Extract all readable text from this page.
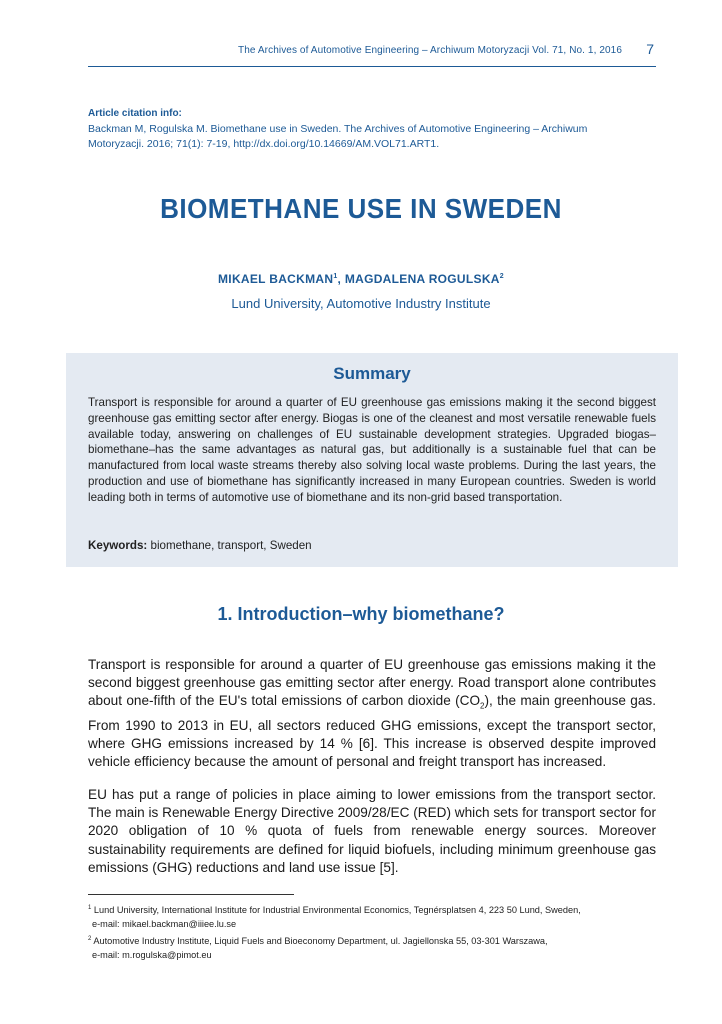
The Archives of Automotive Engineering – Archiwum Motoryzacji Vol. 71, No. 1, 2016 7
Article citation info:
Backman M, Rogulska M. Biomethane use in Sweden. The Archives of Automotive Engineering – Archiwum
Motoryzacji. 2016; 71(1): 7-19, http://dx.doi.org/10.14669/AM.VOL71.ART1.
BIOMETHANE USE IN SWEDEN
MIKAEL BACKMAN$^1$, MAGDALENA ROGULSKA$^2$
Lund University, Automotive Industry Institute
Summary
Transport is responsible for around a quarter of EU greenhouse gas emissions making it the second biggest greenhouse gas emitting sector after energy. Biogas is one of the cleanest and most versatile renewable fuels available today, answering on challenges of EU sustainable development strategies. Upgraded biogas–biomethane–has the same advantages as natural gas, but additionally is a sustainable fuel that can be manufactured from local waste streams thereby also solving local waste problems. During the last years, the production and use of biomethane has significantly increased in many European countries. Sweden is world leading both in terms of automotive use of biomethane and its non-grid based transportation.
Keywords: biomethane, transport, Sweden
1. Introduction–why biomethane?

Transport is responsible for around a quarter of EU greenhouse gas emissions making it the second biggest greenhouse gas emitting sector after energy. Road transport alone contributes about one-fifth of the EU's total emissions of carbon dioxide $(CO_2)$, the main greenhouse gas. From 1990 to 2013 in EU, all sectors reduced GHG emissions, except the transport sector, where GHG emissions increased by 14 % [6]. This increase is observed despite improved vehicle efficiency because the amount of personal and freight transport has increased.

EU has put a range of policies in place aiming to lower emissions from the transport sector. The main is Renewable Energy Directive 2009/28/EC (RED) which sets for transport sector for 2020 obligation of 10 % quota of fuels from renewable energy sources. Moreover sustainability requirements are defined for liquid biofuels, including minimum greenhouse gas emissions (GHG) reductions and land use issue [5].

$^1$ Lund University, International Institute for Industrial Environmental Economics, Tegnérsplatsen 4, 223 50 Lund, Sweden,
e-mail: mikael.backman@iiiee.lu.se
$^2$ Automotive Industry Institute, Liquid Fuels and Bioeconomy Department, ul. Jagiellonska 55, 03-301 Warszawa,
e-mail: m.rogulska@pimot.eu
